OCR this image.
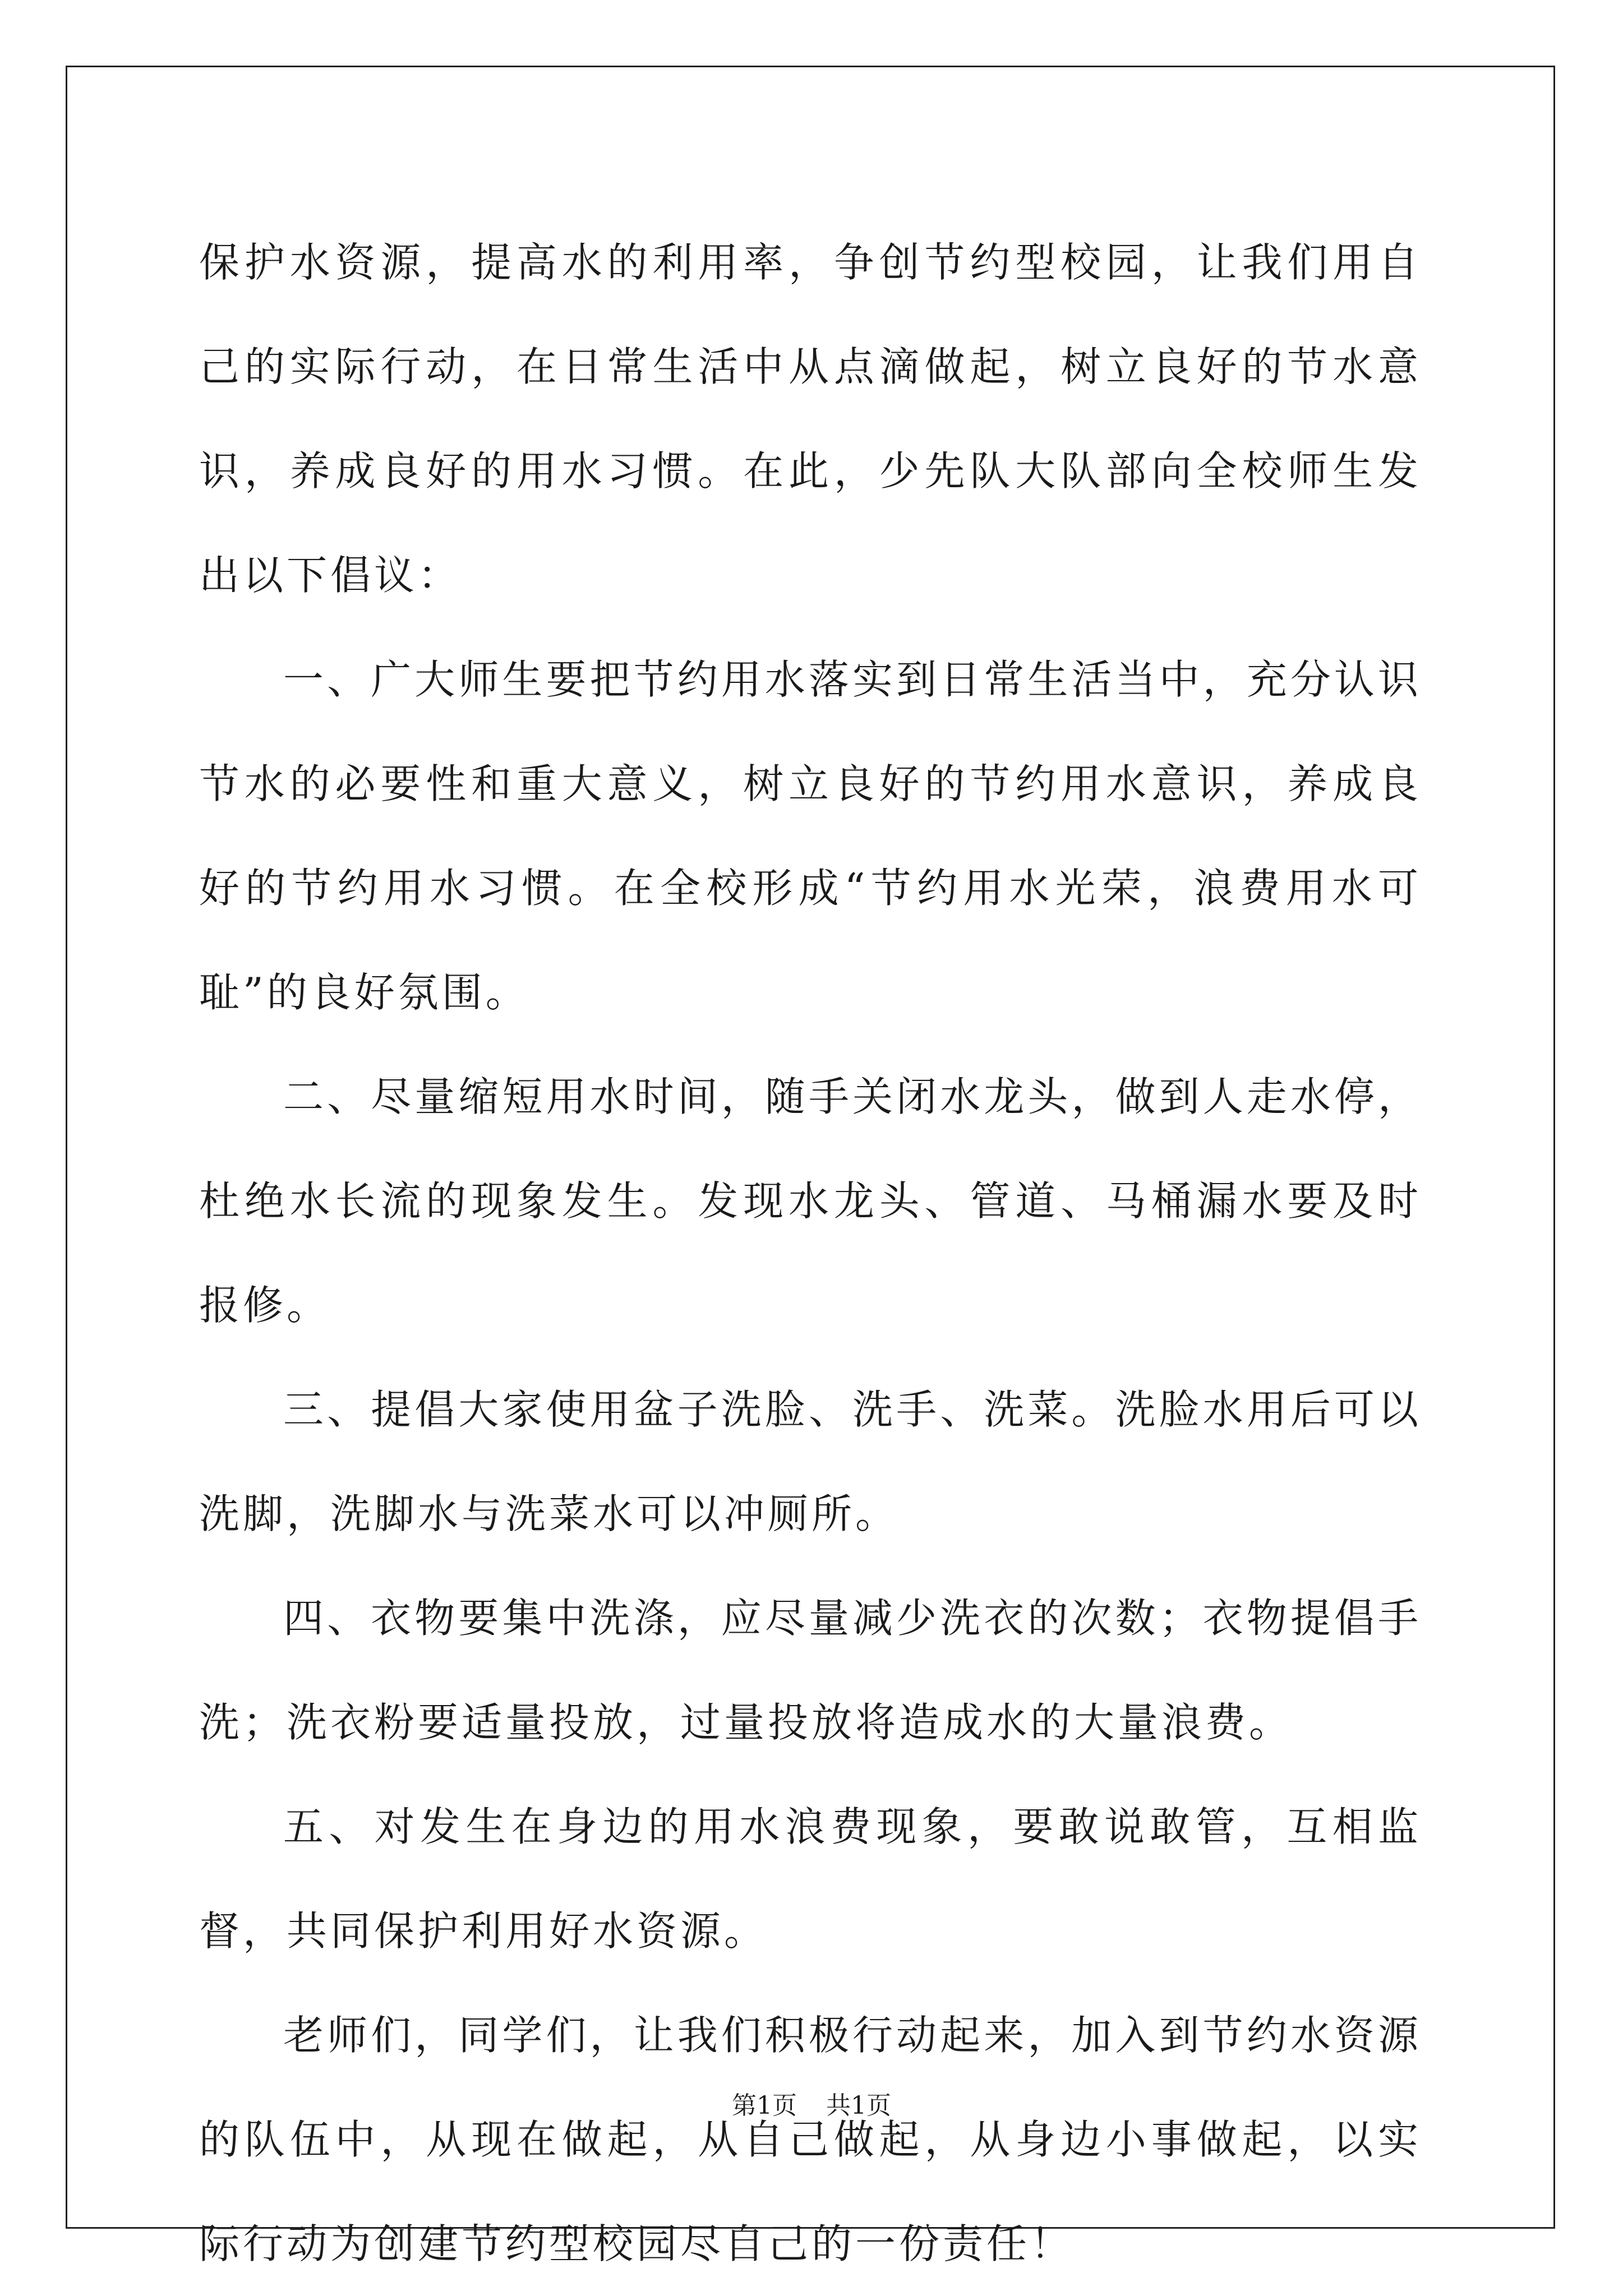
保护水资源，提高水的利用率，争创节约型校园，让我们用自己的实际行动，在日常生活中从点滴做起，树立良好的节水意识，养成良好的用水习惯。在此，少先队大队部向全校师生发出以下倡议：

一、广大师生要把节约用水落实到日常生活当中，充分认识节水的必要性和重大意义，树立良好的节约用水意识，养成良好的节约用水习惯。在全校形成“节约用水光荣，浪费用水可耻”的良好氛围。

二、尽量缩短用水时间，随手关闭水龙头，做到人走水停，杜绝水长流的现象发生。发现水龙头、管道、马桶漏水要及时报修。

三、提倡大家使用盆子洗脸、洗手、洗菜。洗脸水用后可以洗脚，洗脚水与洗菜水可以冲厕所。

四、衣物要集中洗涤，应尽量减少洗衣的次数；衣物提倡手洗；洗衣粉要适量投放，过量投放将造成水的大量浪费。

五、对发生在身边的用水浪费现象，要敢说敢管，互相监督，共同保护利用好水资源。

老师们，同学们，让我们积极行动起来，加入到节约水资源的队伍中，从现在做起，从自己做起，从身边小事做起，以实际行动为创建节约型校园尽自己的一份责任！

第1页 共1页
